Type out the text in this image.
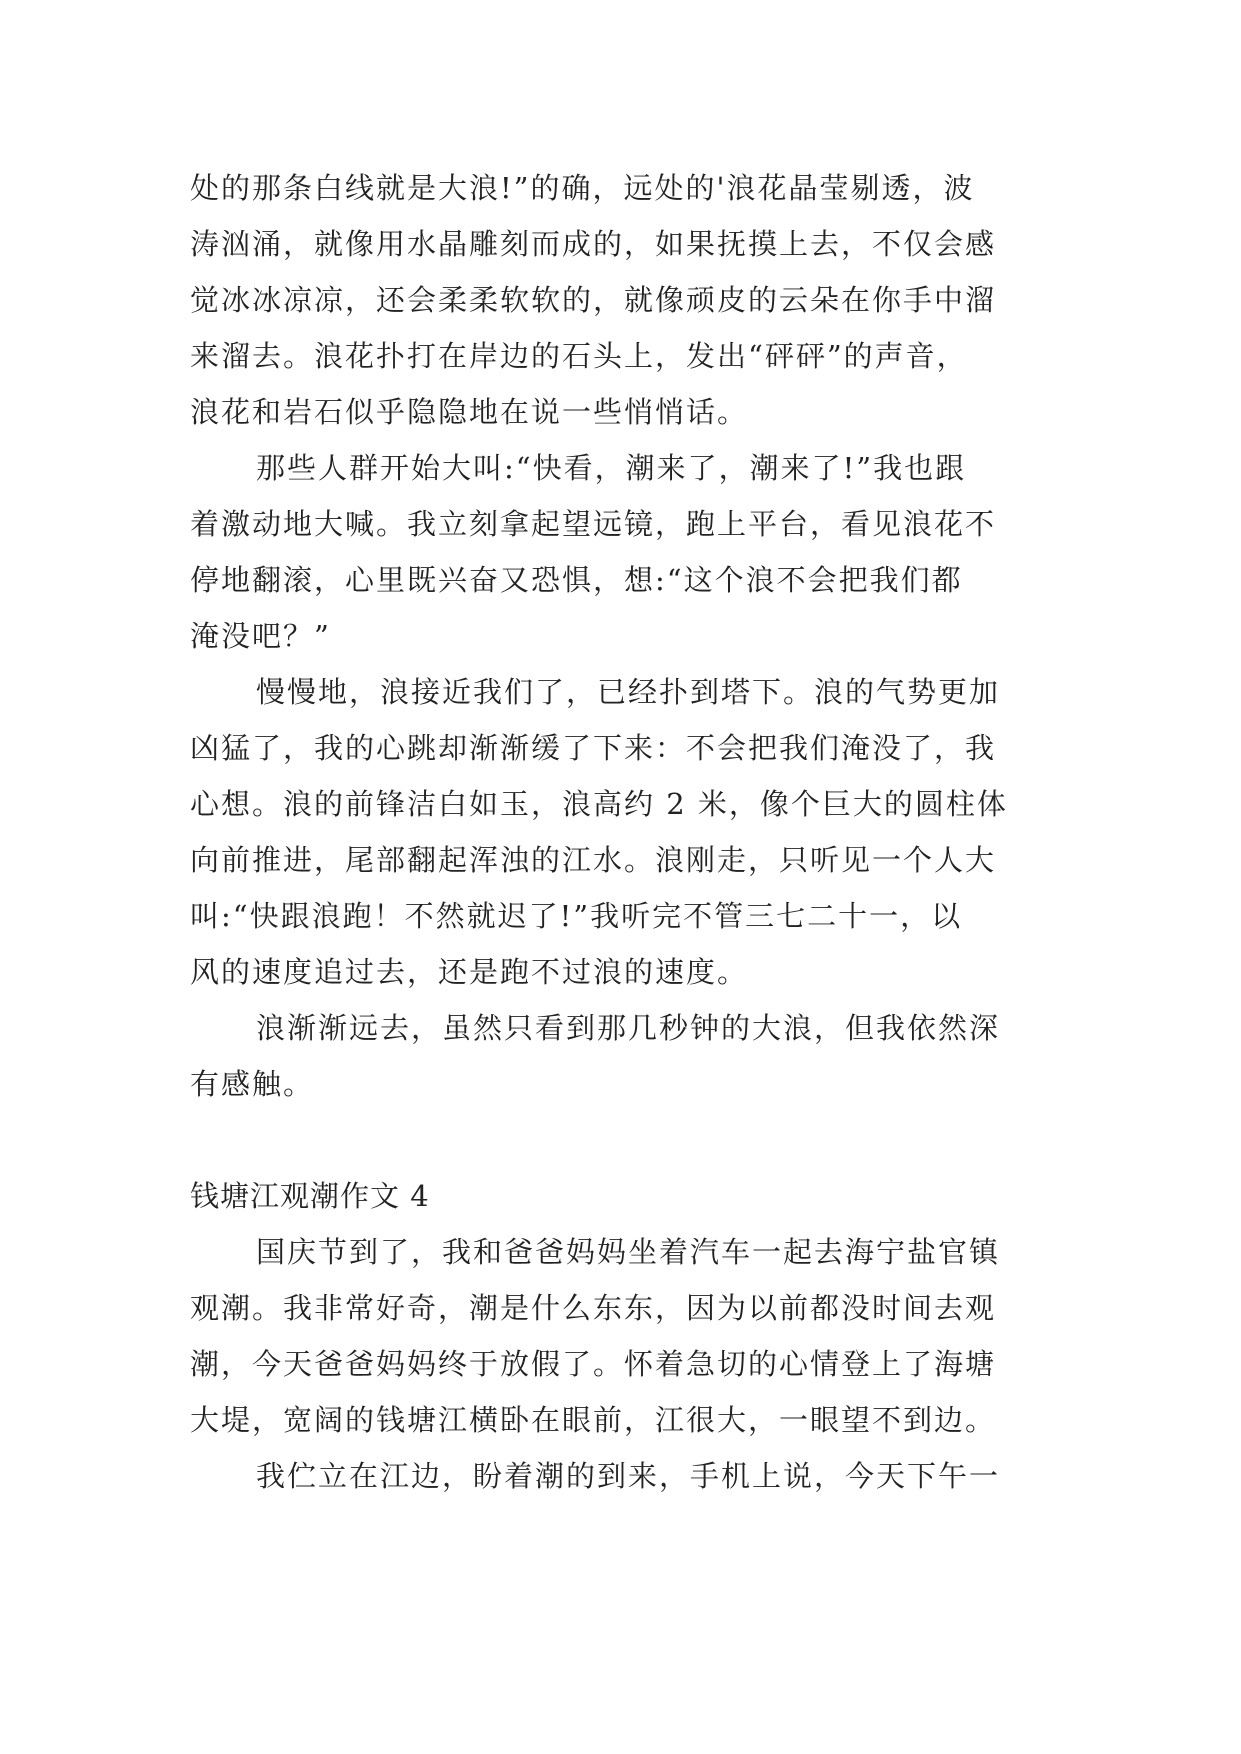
处的那条白线就是大浪!”的确，远处的'浪花晶莹剔透，波
涛汹涌，就像用水晶雕刻而成的，如果抚摸上去，不仅会感
觉冰冰凉凉，还会柔柔软软的，就像顽皮的云朵在你手中溜
来溜去。浪花扑打在岸边的石头上，发出“砰砰”的声音，
浪花和岩石似乎隐隐地在说一些悄悄话。
那些人群开始大叫:“快看，潮来了，潮来了!”我也跟
着激动地大喊。我立刻拿起望远镜，跑上平台，看见浪花不
停地翻滚，心里既兴奋又恐惧，想:“这个浪不会把我们都
淹没吧？”
慢慢地，浪接近我们了，已经扑到塔下。浪的气势更加
凶猛了，我的心跳却渐渐缓了下来：不会把我们淹没了，我
心想。浪的前锋洁白如玉，浪高约 2 米，像个巨大的圆柱体
向前推进，尾部翻起浑浊的江水。浪刚走，只听见一个人大
叫:“快跟浪跑！不然就迟了!”我听完不管三七二十一，以
风的速度追过去，还是跑不过浪的速度。
浪渐渐远去，虽然只看到那几秒钟的大浪，但我依然深
有感触。
钱塘江观潮作文 4
国庆节到了，我和爸爸妈妈坐着汽车一起去海宁盐官镇
观潮。我非常好奇，潮是什么东东，因为以前都没时间去观
潮，今天爸爸妈妈终于放假了。怀着急切的心情登上了海塘
大堤，宽阔的钱塘江横卧在眼前，江很大，一眼望不到边。
我伫立在江边，盼着潮的到来，手机上说，今天下午一
